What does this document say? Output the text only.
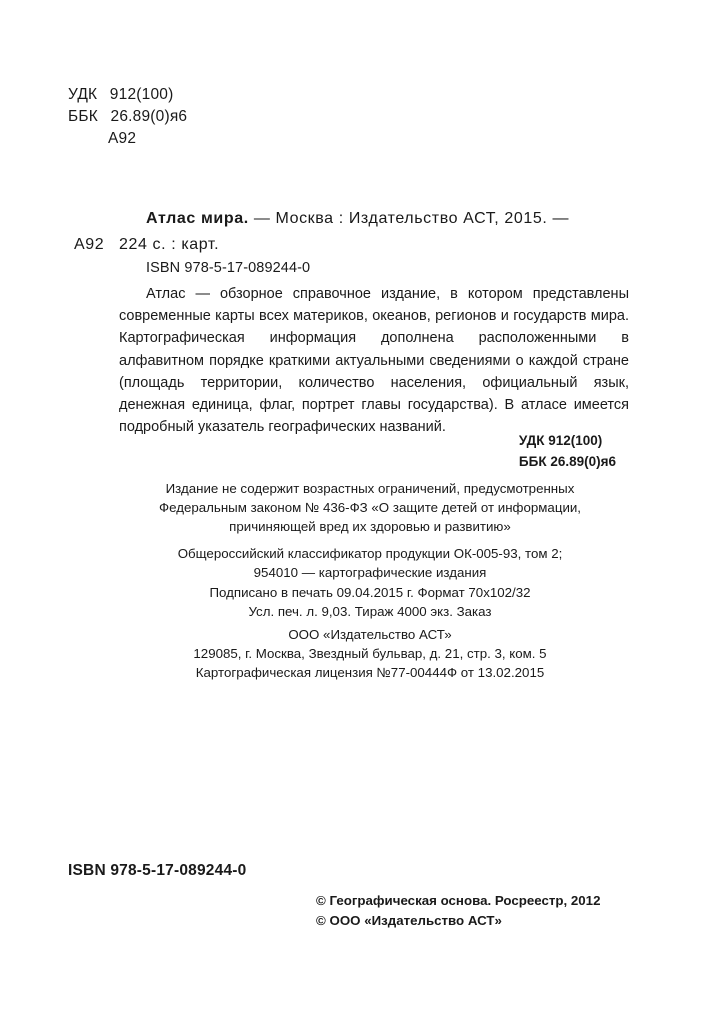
УДК 912(100)
ББК 26.89(0)я6
А92
Атлас мира. — Москва : Издательство АСТ, 2015. —
А92 224 с. : карт.
ISBN 978-5-17-089244-0
Атлас — обзорное справочное издание, в котором представлены современные карты всех материков, океанов, регионов и государств мира. Картографическая информация дополнена расположенными в алфавитном порядке краткими актуальными сведениями о каждой стране (площадь территории, количество населения, официальный язык, денежная единица, флаг, портрет главы государства). В атласе имеется подробный указатель географических названий.
УДК 912(100)
ББК 26.89(0)я6
Издание не содержит возрастных ограничений, предусмотренных
Федеральным законом № 436-ФЗ «О защите детей от информации,
причиняющей вред их здоровью и развитию»
Общероссийский классификатор продукции ОК-005-93, том 2;
954010 — картографические издания
Подписано в печать 09.04.2015 г. Формат 70x102/32
Усл. печ. л. 9,03. Тираж 4000 экз. Заказ
ООО «Издательство АСТ»
129085, г. Москва, Звездный бульвар, д. 21, стр. 3, ком. 5
Картографическая лицензия №77-00444Ф от 13.02.2015
ISBN 978-5-17-089244-0
© Географическая основа. Росреестр, 2012
© ООО «Издательство АСТ»
